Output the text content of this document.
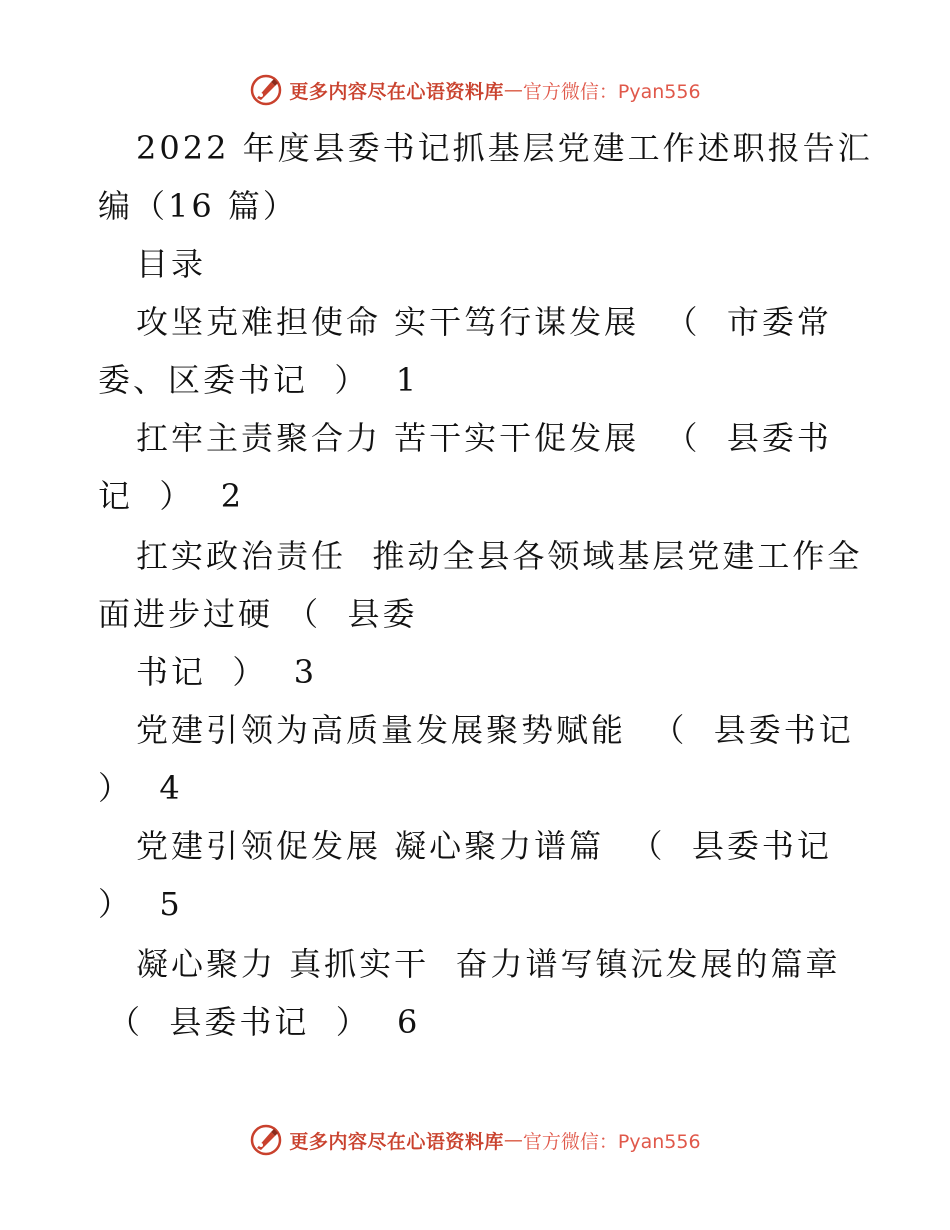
更多内容尽在心语资料库 — 官方微信：Pyan556
2022 年度县委书记抓基层党建工作述职报告汇
编（16 篇）
目录
攻坚克难担使命 实干笃行谋发展  （  市委常
委、区委书记  ）  1
扛牢主责聚合力 苦干实干促发展  （  县委书
记  ）  2
扛实政治责任  推动全县各领域基层党建工作全
面进步过硬 （  县委
书记  ）  3
党建引领为高质量发展聚势赋能  （  县委书记
）  4
党建引领促发展 凝心聚力谱篇  （  县委书记
）  5
凝心聚力 真抓实干  奋力谱写镇沅发展的篇章
（  县委书记  ）  6
更多内容尽在心语资料库 — 官方微信：Pyan556
